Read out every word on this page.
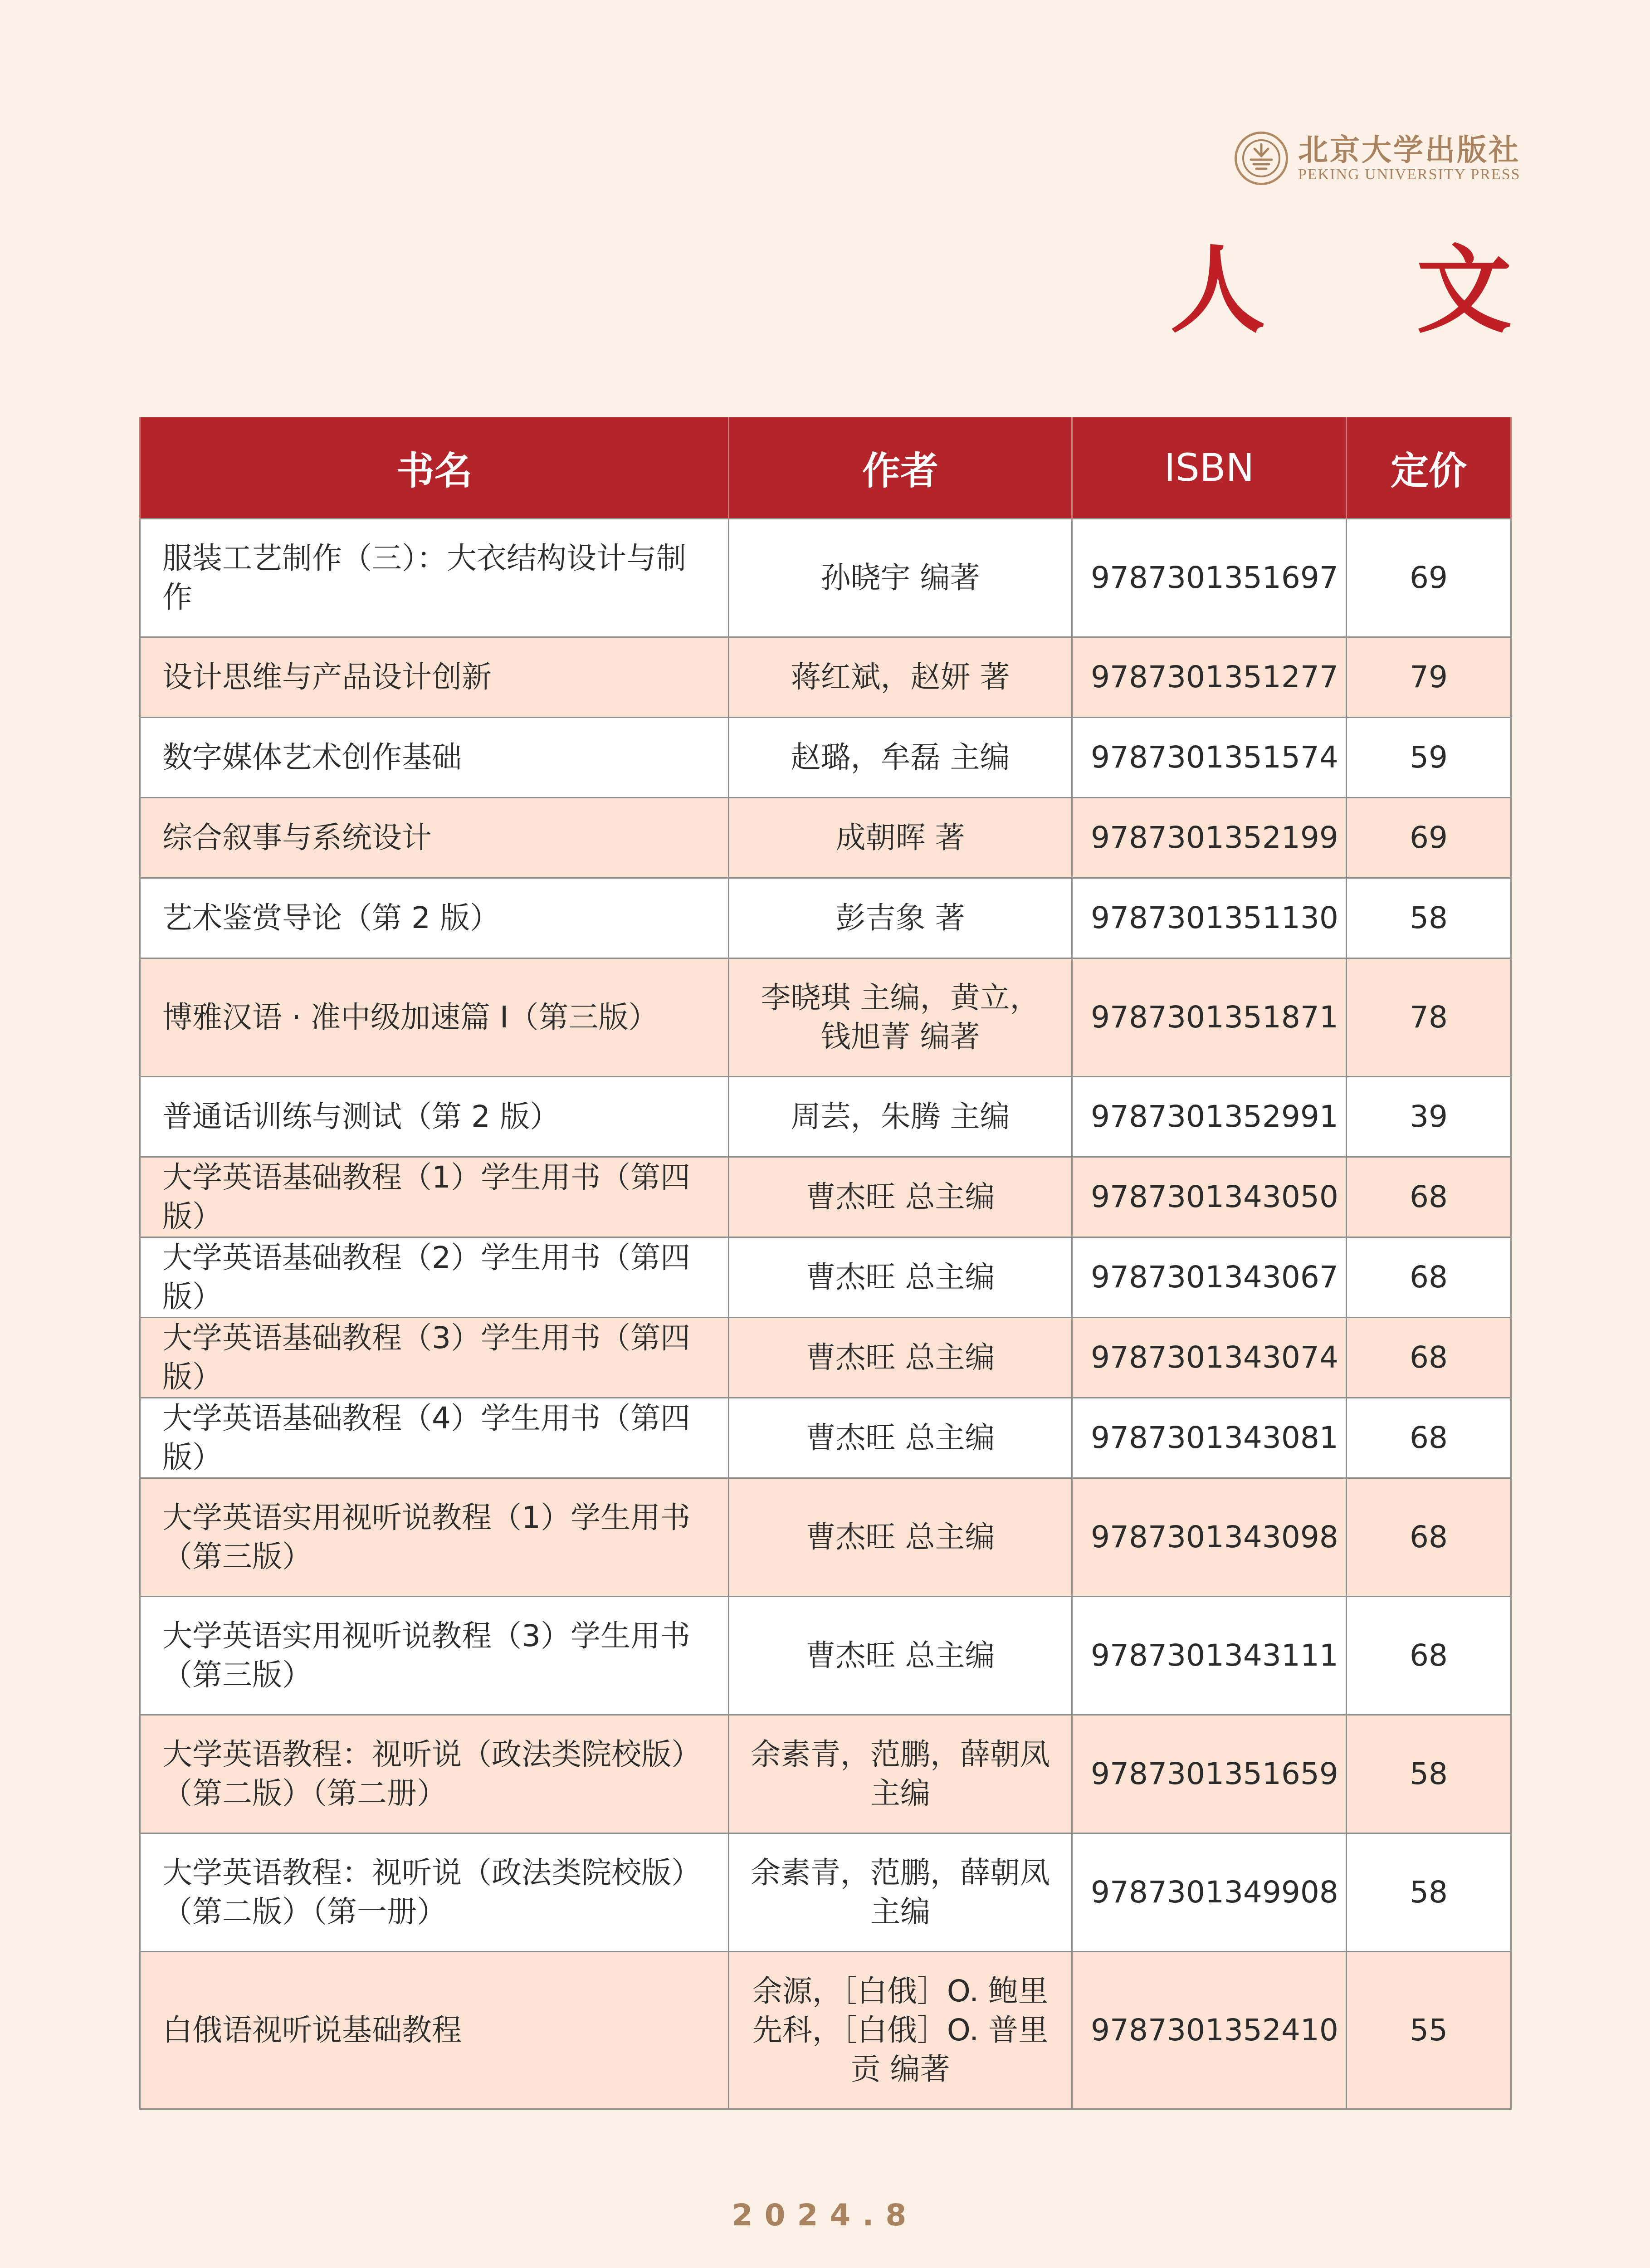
北京大学出版社
PEKING UNIVERSITY PRESS
人 文
书名	作者	ISBN	定价
服装工艺制作（三）：大衣结构设计与制作	孙晓宇 编著	9787301351697	69
设计思维与产品设计创新	蒋红斌，赵妍 著	9787301351277	79
数字媒体艺术创作基础	赵璐，牟磊 主编	9787301351574	59
综合叙事与系统设计	成朝晖 著	9787301352199	69
艺术鉴赏导论（第 2 版）	彭吉象 著	9787301351130	58
博雅汉语 · 准中级加速篇 I（第三版）	李晓琪 主编，黄立，钱旭菁 编著	9787301351871	78
普通话训练与测试（第 2 版）	周芸，朱腾 主编	9787301352991	39
大学英语基础教程（1）学生用书（第四版）	曹杰旺 总主编	9787301343050	68
大学英语基础教程（2）学生用书（第四版）	曹杰旺 总主编	9787301343067	68
大学英语基础教程（3）学生用书（第四版）	曹杰旺 总主编	9787301343074	68
大学英语基础教程（4）学生用书（第四版）	曹杰旺 总主编	9787301343081	68
大学英语实用视听说教程（1）学生用书（第三版）	曹杰旺 总主编	9787301343098	68
大学英语实用视听说教程（3）学生用书（第三版）	曹杰旺 总主编	9787301343111	68
大学英语教程：视听说（政法类院校版）（第二版）（第二册）	余素青，范鹏，薛朝凤 主编	9787301351659	58
大学英语教程：视听说（政法类院校版）（第二版）（第一册）	余素青，范鹏，薛朝凤 主编	9787301349908	58
白俄语视听说基础教程	余源，［白俄］O. 鲍里先科，［白俄］O. 普里贡 编著	9787301352410	55
2024.8
